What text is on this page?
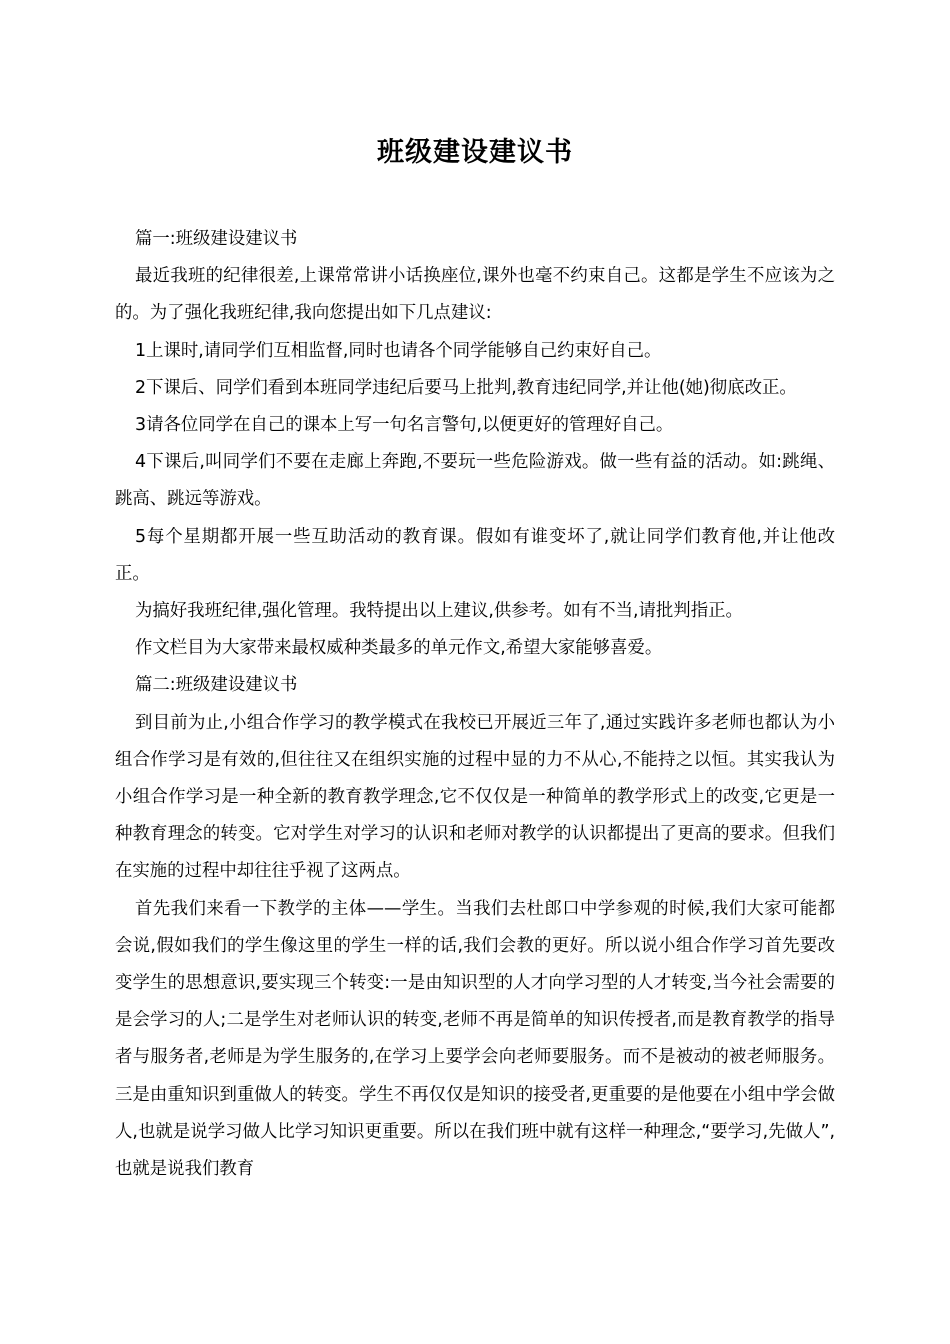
班级建设建议书

篇一:班级建设建议书

最近我班的纪律很差,上课常常讲小话换座位,课外也毫不约束自己。这都是学生不应该为之的。为了强化我班纪律,我向您提出如下几点建议:

1上课时,请同学们互相监督,同时也请各个同学能够自己约束好自己。

2下课后、同学们看到本班同学违纪后要马上批判,教育违纪同学,并让他(她)彻底改正。

3请各位同学在自己的课本上写一句名言警句,以便更好的管理好自己。

4下课后,叫同学们不要在走廊上奔跑,不要玩一些危险游戏。做一些有益的活动。如:跳绳、跳高、跳远等游戏。

5每个星期都开展一些互助活动的教育课。假如有谁变坏了,就让同学们教育他,并让他改正。

为搞好我班纪律,强化管理。我特提出以上建议,供参考。如有不当,请批判指正。

作文栏目为大家带来最权威种类最多的单元作文,希望大家能够喜爱。

篇二:班级建设建议书

到目前为止,小组合作学习的教学模式在我校已开展近三年了,通过实践许多老师也都认为小组合作学习是有效的,但往往又在组织实施的过程中显的力不从心,不能持之以恒。其实我认为小组合作学习是一种全新的教育教学理念,它不仅仅是一种简单的教学形式上的改变,它更是一种教育理念的转变。它对学生对学习的认识和老师对教学的认识都提出了更高的要求。但我们在实施的过程中却往往乎视了这两点。

首先我们来看一下教学的主体——学生。当我们去杜郎口中学参观的时候,我们大家可能都会说,假如我们的学生像这里的学生一样的话,我们会教的更好。所以说小组合作学习首先要改变学生的思想意识,要实现三个转变:一是由知识型的人才向学习型的人才转变,当今社会需要的是会学习的人;二是学生对老师认识的转变,老师不再是简单的知识传授者,而是教育教学的指导者与服务者,老师是为学生服务的,在学习上要学会向老师要服务。而不是被动的被老师服务。三是由重知识到重做人的转变。学生不再仅仅是知识的接受者,更重要的是他要在小组中学会做人,也就是说学习做人比学习知识更重要。所以在我们班中就有这样一种理念,“要学习,先做人”,也就是说我们教育
